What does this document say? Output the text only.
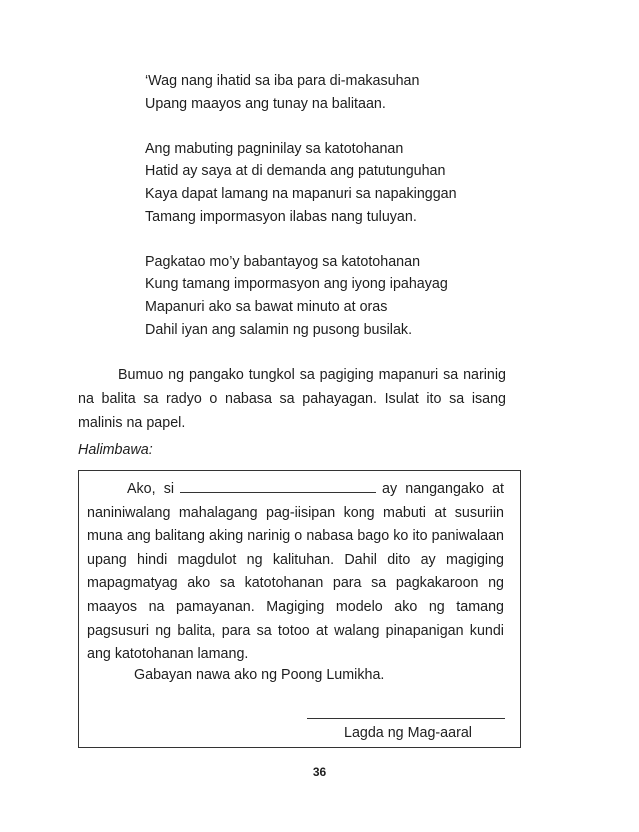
‘Wag nang ihatid sa iba para di-makasuhan
Upang maayos ang tunay na balitaan.
Ang mabuting pagninilay sa katotohanan
Hatid ay saya at di demanda ang patutunguhan
Kaya dapat lamang na mapanuri sa napakinggan
Tamang impormasyon ilabas nang tuluyan.
Pagkatao mo’y babantayog sa katotohanan
Kung tamang impormasyon ang iyong ipahayag
Mapanuri ako sa bawat minuto at oras
Dahil iyan ang salamin ng pusong busilak.

Bumuo ng pangako tungkol sa pagiging mapanuri sa narinig na balita sa radyo o nabasa sa pahayagan. Isulat ito sa isang malinis na papel.

Halimbawa:

Ako, si	ay nangangako at naniniwalang mahalagang pag-iisipan kong mabuti at susuriin muna ang balitang aking narinig o nabasa bago ko ito paniwalaan upang hindi magdulot ng kalituhan. Dahil dito ay magiging mapagmatyag ako sa katotohanan para sa pagkakaroon ng maayos na pamayanan. Magiging modelo ako ng tamang pagsusuri ng balita, para sa totoo at walang pinapanigan kundi ang katotohanan lamang.

Gabayan nawa ako ng Poong Lumikha.
Lagda ng Mag-aaral
36
